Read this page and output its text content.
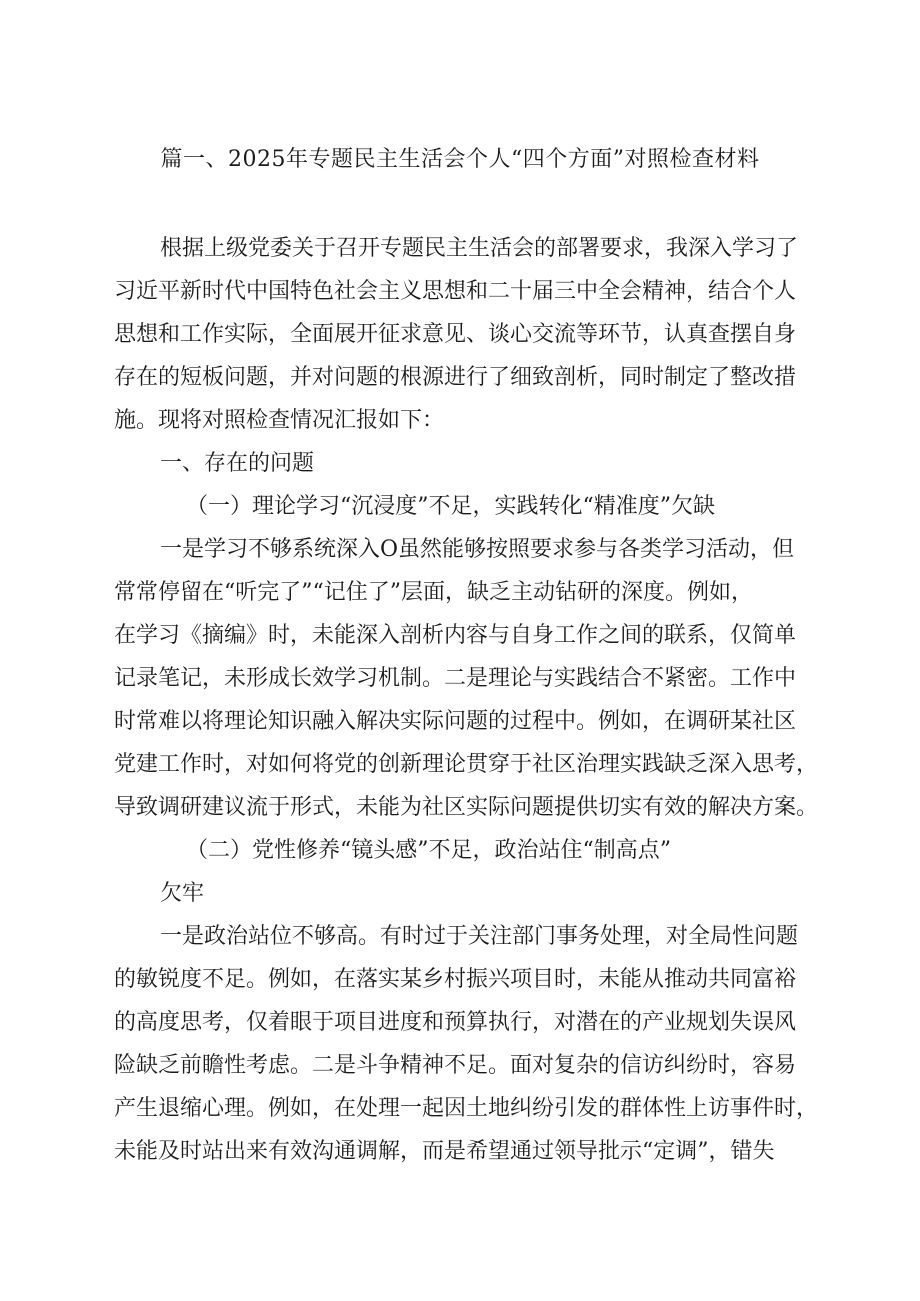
篇一、2025年专题民主生活会个人“四个方面”对照检查材料
根据上级党委关于召开专题民主生活会的部署要求，我深入学习了
习近平新时代中国特色社会主义思想和二十届三中全会精神，结合个人
思想和工作实际，全面展开征求意见、谈心交流等环节，认真查摆自身
存在的短板问题，并对问题的根源进行了细致剖析，同时制定了整改措
施。现将对照检查情况汇报如下：
一、存在的问题
（一）理论学习“沉浸度”不足，实践转化“精准度”欠缺
一是学习不够系统深入O虽然能够按照要求参与各类学习活动，但
常常停留在“听完了”“记住了”层面，缺乏主动钻研的深度。例如，
在学习《摘编》时，未能深入剖析内容与自身工作之间的联系，仅简单
记录笔记，未形成长效学习机制。二是理论与实践结合不紧密。工作中
时常难以将理论知识融入解决实际问题的过程中。例如，在调研某社区
党建工作时，对如何将党的创新理论贯穿于社区治理实践缺乏深入思考，
导致调研建议流于形式，未能为社区实际问题提供切实有效的解决方案。
（二）党性修养“镜头感”不足，政治站住“制高点”
欠牢
一是政治站位不够高。有时过于关注部门事务处理，对全局性问题
的敏锐度不足。例如，在落实某乡村振兴项目时，未能从推动共同富裕
的高度思考，仅着眼于项目进度和预算执行，对潜在的产业规划失误风
险缺乏前瞻性考虑。二是斗争精神不足。面对复杂的信访纠纷时，容易
产生退缩心理。例如，在处理一起因土地纠纷引发的群体性上访事件时，
未能及时站出来有效沟通调解，而是希望通过领导批示“定调”，错失
